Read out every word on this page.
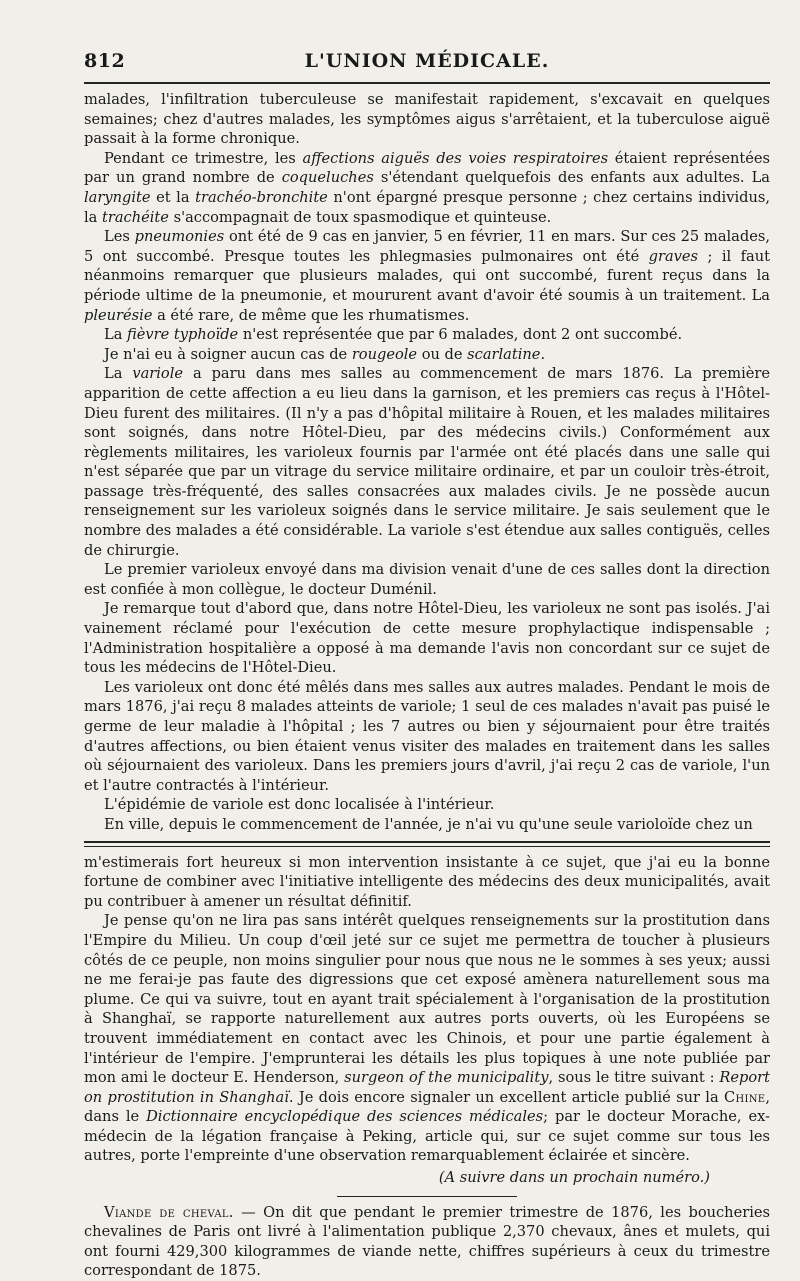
812	L'UNION MÉDICALE.

malades, l'infiltration tuberculeuse se manifestait rapidement, s'excavait en quelques semaines; chez d'autres malades, les symptômes aigus s'arrêtaient, et la tuberculose aiguë passait à la forme chronique.

Pendant ce trimestre, les affections aiguës des voies respiratoires étaient représentées par un grand nombre de coqueluches s'étendant quelquefois des enfants aux adultes. La laryngite et la trachéo-bronchite n'ont épargné presque personne ; chez certains individus, la trachéite s'accompagnait de toux spasmodique et quinteuse.

Les pneumonies ont été de 9 cas en janvier, 5 en février, 11 en mars. Sur ces 25 malades, 5 ont succombé. Presque toutes les phlegmasies pulmonaires ont été graves ; il faut néanmoins remarquer que plusieurs malades, qui ont succombé, furent reçus dans la période ultime de la pneumonie, et moururent avant d'avoir été soumis à un traitement. La pleurésie a été rare, de même que les rhumatismes.

La fièvre typhoïde n'est représentée que par 6 malades, dont 2 ont succombé.

Je n'ai eu à soigner aucun cas de rougeole ou de scarlatine.

La variole a paru dans mes salles au commencement de mars 1876. La première apparition de cette affection a eu lieu dans la garnison, et les premiers cas reçus à l'Hôtel-Dieu furent des militaires. (Il n'y a pas d'hôpital militaire à Rouen, et les malades militaires sont soignés, dans notre Hôtel-Dieu, par des médecins civils.) Conformément aux règlements militaires, les varioleux fournis par l'armée ont été placés dans une salle qui n'est séparée que par un vitrage du service militaire ordinaire, et par un couloir très-étroit, passage très-fréquenté, des salles consacrées aux malades civils. Je ne possède aucun renseignement sur les varioleux soignés dans le service militaire. Je sais seulement que le nombre des malades a été considérable. La variole s'est étendue aux salles contiguës, celles de chirurgie.

Le premier varioleux envoyé dans ma division venait d'une de ces salles dont la direction est confiée à mon collègue, le docteur Duménil.

Je remarque tout d'abord que, dans notre Hôtel-Dieu, les varioleux ne sont pas isolés. J'ai vainement réclamé pour l'exécution de cette mesure prophylactique indispensable ; l'Administration hospitalière a opposé à ma demande l'avis non concordant sur ce sujet de tous les médecins de l'Hôtel-Dieu.

Les varioleux ont donc été mêlés dans mes salles aux autres malades. Pendant le mois de mars 1876, j'ai reçu 8 malades atteints de variole; 1 seul de ces malades n'avait pas puisé le germe de leur maladie à l'hôpital ; les 7 autres ou bien y séjournaient pour être traités d'autres affections, ou bien étaient venus visiter des malades en traitement dans les salles où séjournaient des varioleux. Dans les premiers jours d'avril, j'ai reçu 2 cas de variole, l'un et l'autre contractés à l'intérieur.

L'épidémie de variole est donc localisée à l'intérieur.

En ville, depuis le commencement de l'année, je n'ai vu qu'une seule varioloïde chez un

m'estimerais fort heureux si mon intervention insistante à ce sujet, que j'ai eu la bonne fortune de combiner avec l'initiative intelligente des médecins des deux municipalités, avait pu contribuer à amener un résultat définitif.

Je pense qu'on ne lira pas sans intérêt quelques renseignements sur la prostitution dans l'Empire du Milieu. Un coup d'œil jeté sur ce sujet me permettra de toucher à plusieurs côtés de ce peuple, non moins singulier pour nous que nous ne le sommes à ses yeux; aussi ne me ferai-je pas faute des digressions que cet exposé amènera naturellement sous ma plume. Ce qui va suivre, tout en ayant trait spécialement à l'organisation de la prostitution à Shanghaï, se rapporte naturellement aux autres ports ouverts, où les Européens se trouvent immédiatement en contact avec les Chinois, et pour une partie également à l'intérieur de l'empire. J'emprunterai les détails les plus topiques à une note publiée par mon ami le docteur E. Henderson, surgeon of the municipality, sous le titre suivant : Report on prostitution in Shanghaï. Je dois encore signaler un excellent article publié sur la Chine, dans le Dictionnaire encyclopédique des sciences médicales; par le docteur Morache, ex-médecin de la légation française à Peking, article qui, sur ce sujet comme sur tous les autres, porte l'empreinte d'une observation remarquablement éclairée et sincère.

(A suivre dans un prochain numéro.)

Viande de cheval. — On dit que pendant le premier trimestre de 1876, les boucheries chevalines de Paris ont livré à l'alimentation publique 2,370 chevaux, ânes et mulets, qui ont fourni 429,300 kilogrammes de viande nette, chiffres supérieurs à ceux du trimestre correspondant de 1875.
